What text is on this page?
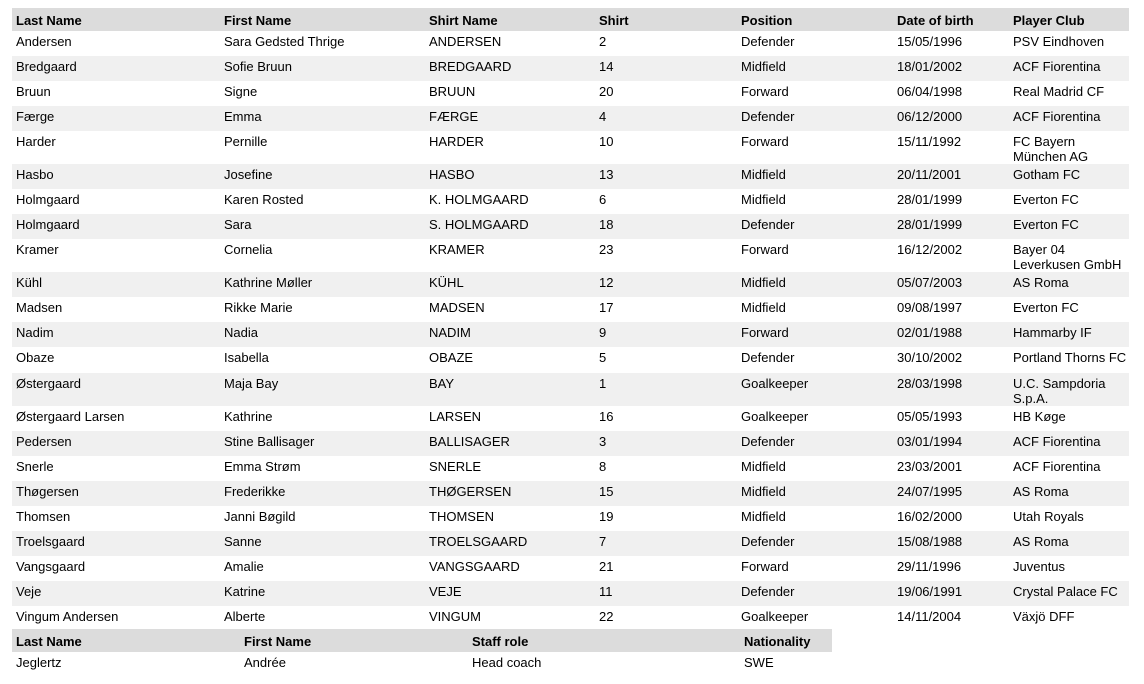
Last Name	First Name	Shirt Name	Shirt	Position	Date of birth	Player Club
Andersen	Sara Gedsted Thrige	ANDERSEN	2	Defender	15/05/1996	PSV Eindhoven
Bredgaard	Sofie Bruun	BREDGAARD	14	Midfield	18/01/2002	ACF Fiorentina
Bruun	Signe	BRUUN	20	Forward	06/04/1998	Real Madrid CF
Færge	Emma	FÆRGE	4	Defender	06/12/2000	ACF Fiorentina
Harder	Pernille	HARDER	10	Forward	15/11/1992	FC Bayern München AG
Hasbo	Josefine	HASBO	13	Midfield	20/11/2001	Gotham FC
Holmgaard	Karen Rosted	K. HOLMGAARD	6	Midfield	28/01/1999	Everton FC
Holmgaard	Sara	S. HOLMGAARD	18	Defender	28/01/1999	Everton FC
Kramer	Cornelia	KRAMER	23	Forward	16/12/2002	Bayer 04 Leverkusen GmbH
Kühl	Kathrine Møller	KÜHL	12	Midfield	05/07/2003	AS Roma
Madsen	Rikke Marie	MADSEN	17	Midfield	09/08/1997	Everton FC
Nadim	Nadia	NADIM	9	Forward	02/01/1988	Hammarby IF
Obaze	Isabella	OBAZE	5	Defender	30/10/2002	Portland Thorns FC
Østergaard	Maja Bay	BAY	1	Goalkeeper	28/03/1998	U.C. Sampdoria S.p.A.
Østergaard Larsen	Kathrine	LARSEN	16	Goalkeeper	05/05/1993	HB Køge
Pedersen	Stine Ballisager	BALLISAGER	3	Defender	03/01/1994	ACF Fiorentina
Snerle	Emma Strøm	SNERLE	8	Midfield	23/03/2001	ACF Fiorentina
Thøgersen	Frederikke	THØGERSEN	15	Midfield	24/07/1995	AS Roma
Thomsen	Janni Bøgild	THOMSEN	19	Midfield	16/02/2000	Utah Royals
Troelsgaard	Sanne	TROELSGAARD	7	Defender	15/08/1988	AS Roma
Vangsgaard	Amalie	VANGSGAARD	21	Forward	29/11/1996	Juventus
Veje	Katrine	VEJE	11	Defender	19/06/1991	Crystal Palace FC
Vingum Andersen	Alberte	VINGUM	22	Goalkeeper	14/11/2004	Växjö DFF
Last Name	First Name	Staff role	Nationality
Jeglertz	Andrée	Head coach	SWE
